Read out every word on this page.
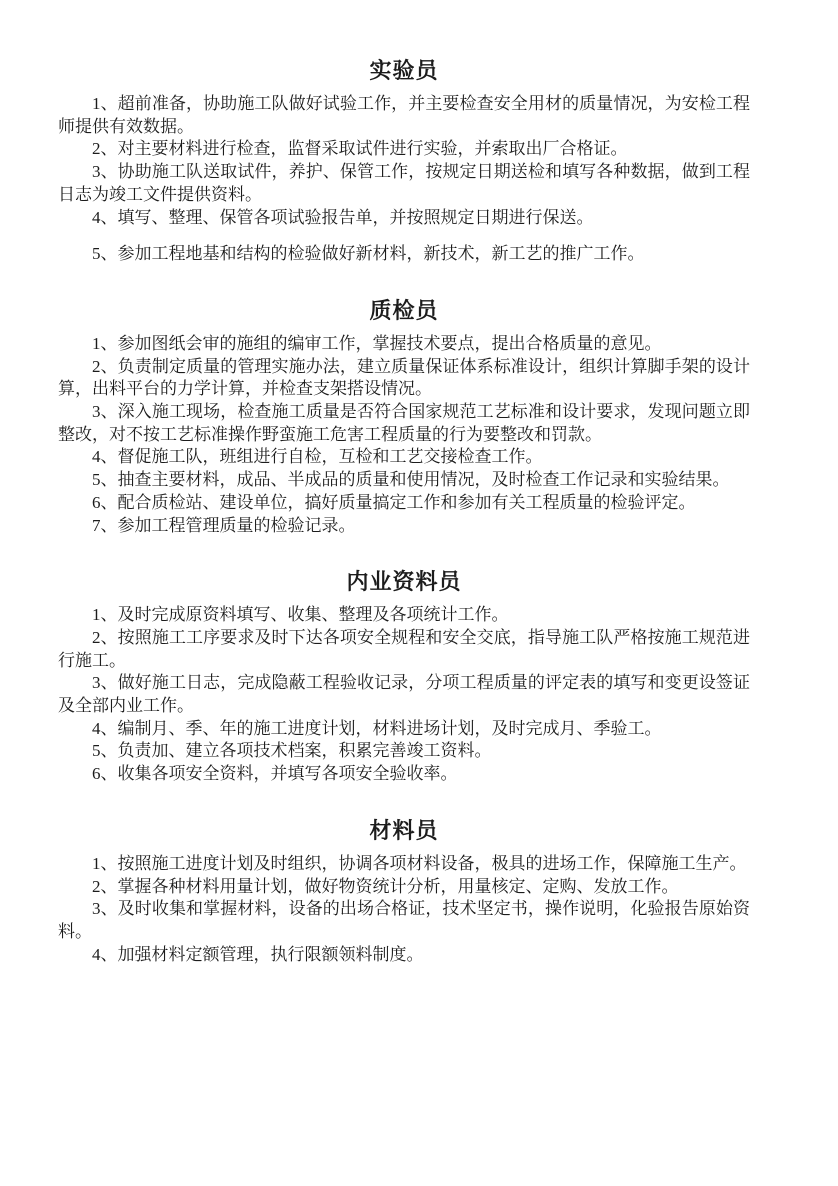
实验员

1、超前准备，协助施工队做好试验工作，并主要检查安全用材的质量情况，为安检工程师提供有效数据。

2、对主要材料进行检查，监督采取试件进行实验，并索取出厂合格证。

3、协助施工队送取试件，养护、保管工作，按规定日期送检和填写各种数据，做到工程日志为竣工文件提供资料。

4、填写、整理、保管各项试验报告单，并按照规定日期进行保送。

5、参加工程地基和结构的检验做好新材料，新技术，新工艺的推广工作。

质检员

1、参加图纸会审的施组的编审工作，掌握技术要点，提出合格质量的意见。

2、负责制定质量的管理实施办法，建立质量保证体系标准设计，组织计算脚手架的设计算，出料平台的力学计算，并检查支架搭设情况。

3、深入施工现场，检查施工质量是否符合国家规范工艺标准和设计要求，发现问题立即整改，对不按工艺标准操作野蛮施工危害工程质量的行为要整改和罚款。

4、督促施工队，班组进行自检，互检和工艺交接检查工作。

5、抽查主要材料，成品、半成品的质量和使用情况，及时检查工作记录和实验结果。

6、配合质检站、建设单位，搞好质量搞定工作和参加有关工程质量的检验评定。

7、参加工程管理质量的检验记录。

内业资料员

1、及时完成原资料填写、收集、整理及各项统计工作。

2、按照施工工序要求及时下达各项安全规程和安全交底，指导施工队严格按施工规范进行施工。

3、做好施工日志，完成隐蔽工程验收记录，分项工程质量的评定表的填写和变更设签证及全部内业工作。

4、编制月、季、年的施工进度计划，材料进场计划，及时完成月、季验工。

5、负责加、建立各项技术档案，积累完善竣工资料。

6、收集各项安全资料，并填写各项安全验收率。

材料员

1、按照施工进度计划及时组织，协调各项材料设备，极具的进场工作，保障施工生产。

2、掌握各种材料用量计划，做好物资统计分析，用量核定、定购、发放工作。

3、及时收集和掌握材料，设备的出场合格证，技术坚定书，操作说明，化验报告原始资料。

4、加强材料定额管理，执行限额领料制度。
